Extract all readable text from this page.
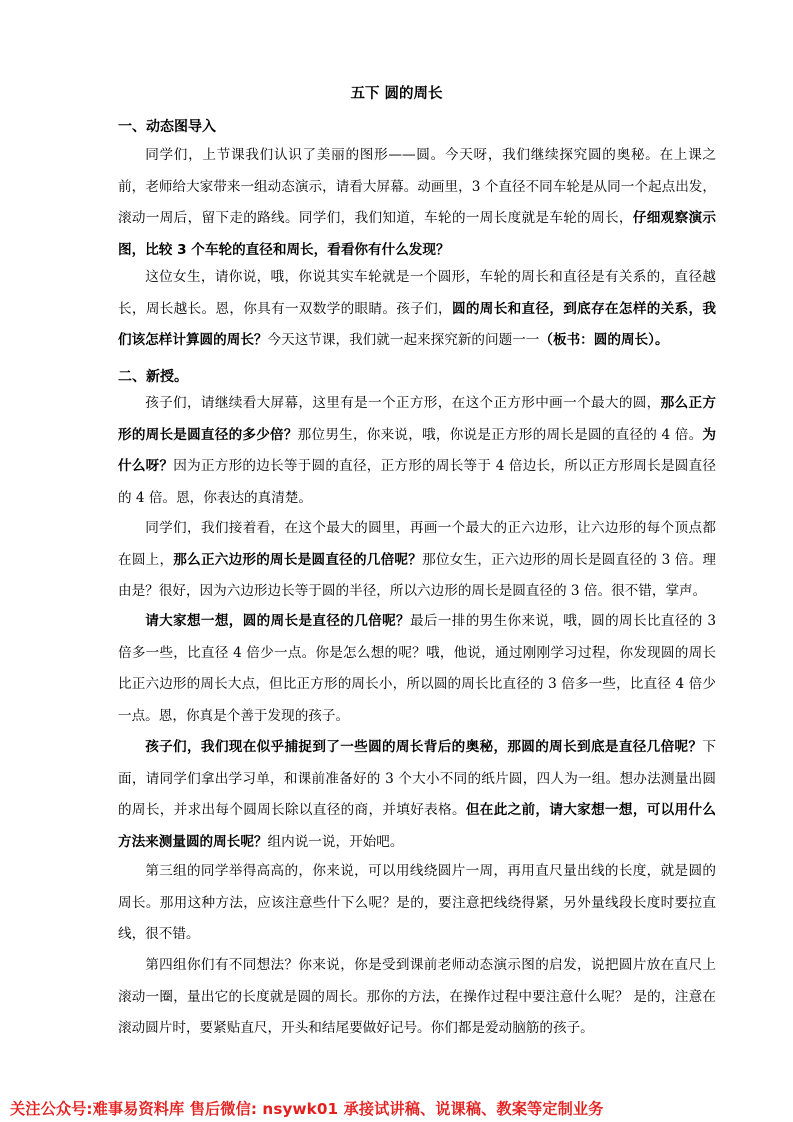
五下 圆的周长
一、动态图导入

同学们，上节课我们认识了美丽的图形——圆。今天呀，我们继续探究圆的奥秘。在上课之前，老师给大家带来一组动态演示，请看大屏幕。动画里，3 个直径不同车轮是从同一个起点出发，滚动一周后，留下走的路线。同学们，我们知道，车轮的一周长度就是车轮的周长，仔细观察演示图，比较 3 个车轮的直径和周长，看看你有什么发现？

这位女生，请你说，哦，你说其实车轮就是一个圆形，车轮的周长和直径是有关系的，直径越长，周长越长。恩，你具有一双数学的眼睛。孩子们，圆的周长和直径，到底存在怎样的关系，我们该怎样计算圆的周长？今天这节课，我们就一起来探究新的问题一一（板书：圆的周长）。

二、新授。

孩子们，请继续看大屏幕，这里有是一个正方形，在这个正方形中画一个最大的圆，那么正方形的周长是圆直径的多少倍？那位男生，你来说，哦，你说是正方形的周长是圆的直径的 4 倍。为什么呀？因为正方形的边长等于圆的直径，正方形的周长等于 4 倍边长，所以正方形周长是圆直径的 4 倍。恩，你表达的真清楚。

同学们，我们接着看，在这个最大的圆里，再画一个最大的正六边形，让六边形的每个顶点都在圆上，那么正六边形的周长是圆直径的几倍呢？那位女生，正六边形的周长是圆直径的 3 倍。理由是？很好，因为六边形边长等于圆的半径，所以六边形的周长是圆直径的 3 倍。很不错，掌声。

请大家想一想，圆的周长是直径的几倍呢？最后一排的男生你来说，哦，圆的周长比直径的 3 倍多一些，比直径 4 倍少一点。你是怎么想的呢？哦，他说，通过刚刚学习过程，你发现圆的周长比正六边形的周长大点，但比正方形的周长小，所以圆的周长比直径的 3 倍多一些，比直径 4 倍少一点。恩，你真是个善于发现的孩子。

孩子们，我们现在似乎捕捉到了一些圆的周长背后的奥秘，那圆的周长到底是直径几倍呢？下面，请同学们拿出学习单，和课前准备好的 3 个大小不同的纸片圆，四人为一组。想办法测量出圆的周长，并求出每个圆周长除以直径的商，并填好表格。但在此之前，请大家想一想，可以用什么方法来测量圆的周长呢？组内说一说，开始吧。

第三组的同学举得高高的，你来说，可以用线绕圆片一周，再用直尺量出线的长度，就是圆的周长。那用这种方法，应该注意些什下么呢？是的，要注意把线绕得紧，另外量线段长度时要拉直线，很不错。

第四组你们有不同想法？你来说，你是受到课前老师动态演示图的启发，说把圆片放在直尺上滚动一圈，量出它的长度就是圆的周长。那你的方法，在操作过程中要注意什么呢？ 是的，注意在滚动圆片时，要紧贴直尺，开头和结尾要做好记号。你们都是爱动脑筋的孩子。

关注公众号:难事易资料库 售后微信: nsywk01 承接试讲稿、说课稿、教案等定制业务
